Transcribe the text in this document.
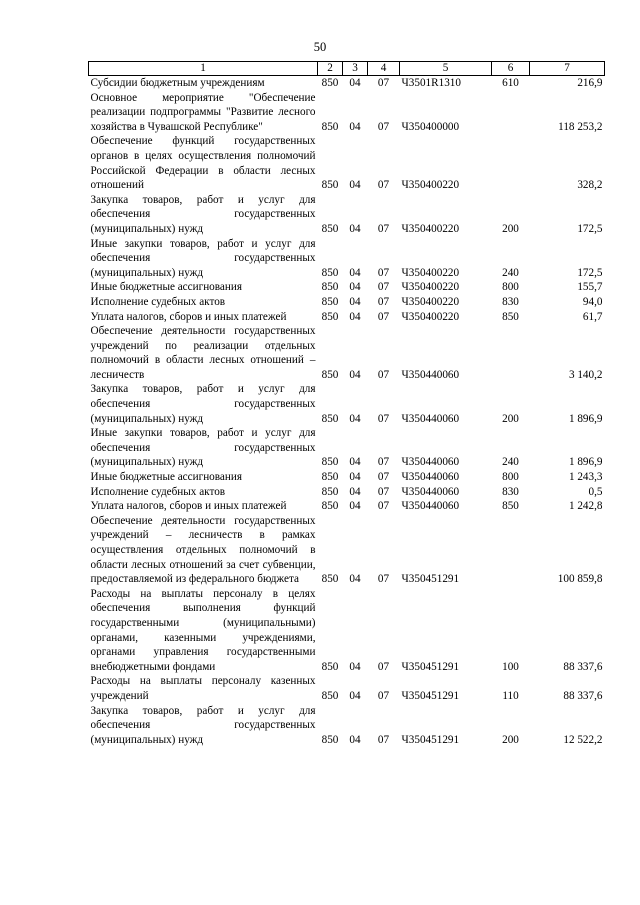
50
1	2	3	4	5	6	7
Субсидии бюджетным учреждениям	850	04	07	Ч3501R1310	610	216,9
Основное мероприятие "Обеспечение реализации подпрограммы "Развитие лесного хозяйства в Чувашской Республике"	850	04	07	Ч350400000		118 253,2
Обеспечение функций государственных органов в целях осуществления полномочий Российской Федерации в области лесных отношений	850	04	07	Ч350400220		328,2
Закупка товаров, работ и услуг для обеспечения государственных (муниципальных) нужд	850	04	07	Ч350400220	200	172,5
Иные закупки товаров, работ и услуг для обеспечения государственных (муниципальных) нужд	850	04	07	Ч350400220	240	172,5
Иные бюджетные ассигнования	850	04	07	Ч350400220	800	155,7
Исполнение судебных актов	850	04	07	Ч350400220	830	94,0
Уплата налогов, сборов и иных платежей	850	04	07	Ч350400220	850	61,7
Обеспечение деятельности государственных учреждений по реализации отдельных полномочий в области лесных отношений – лесничеств	850	04	07	Ч350440060		3 140,2
Закупка товаров, работ и услуг для обеспечения государственных (муниципальных) нужд	850	04	07	Ч350440060	200	1 896,9
Иные закупки товаров, работ и услуг для обеспечения государственных (муниципальных) нужд	850	04	07	Ч350440060	240	1 896,9
Иные бюджетные ассигнования	850	04	07	Ч350440060	800	1 243,3
Исполнение судебных актов	850	04	07	Ч350440060	830	0,5
Уплата налогов, сборов и иных платежей	850	04	07	Ч350440060	850	1 242,8
Обеспечение деятельности государственных учреждений – лесничеств в рамках осуществления отдельных полномочий в области лесных отношений за счет субвенции, предоставляемой из федерального бюджета	850	04	07	Ч350451291		100 859,8
Расходы на выплаты персоналу в целях обеспечения выполнения функций государственными (муниципальными) органами, казенными учреждениями, органами управления государственными внебюджетными фондами	850	04	07	Ч350451291	100	88 337,6
Расходы на выплаты персоналу казенных учреждений	850	04	07	Ч350451291	110	88 337,6
Закупка товаров, работ и услуг для обеспечения государственных (муниципальных) нужд	850	04	07	Ч350451291	200	12 522,2
